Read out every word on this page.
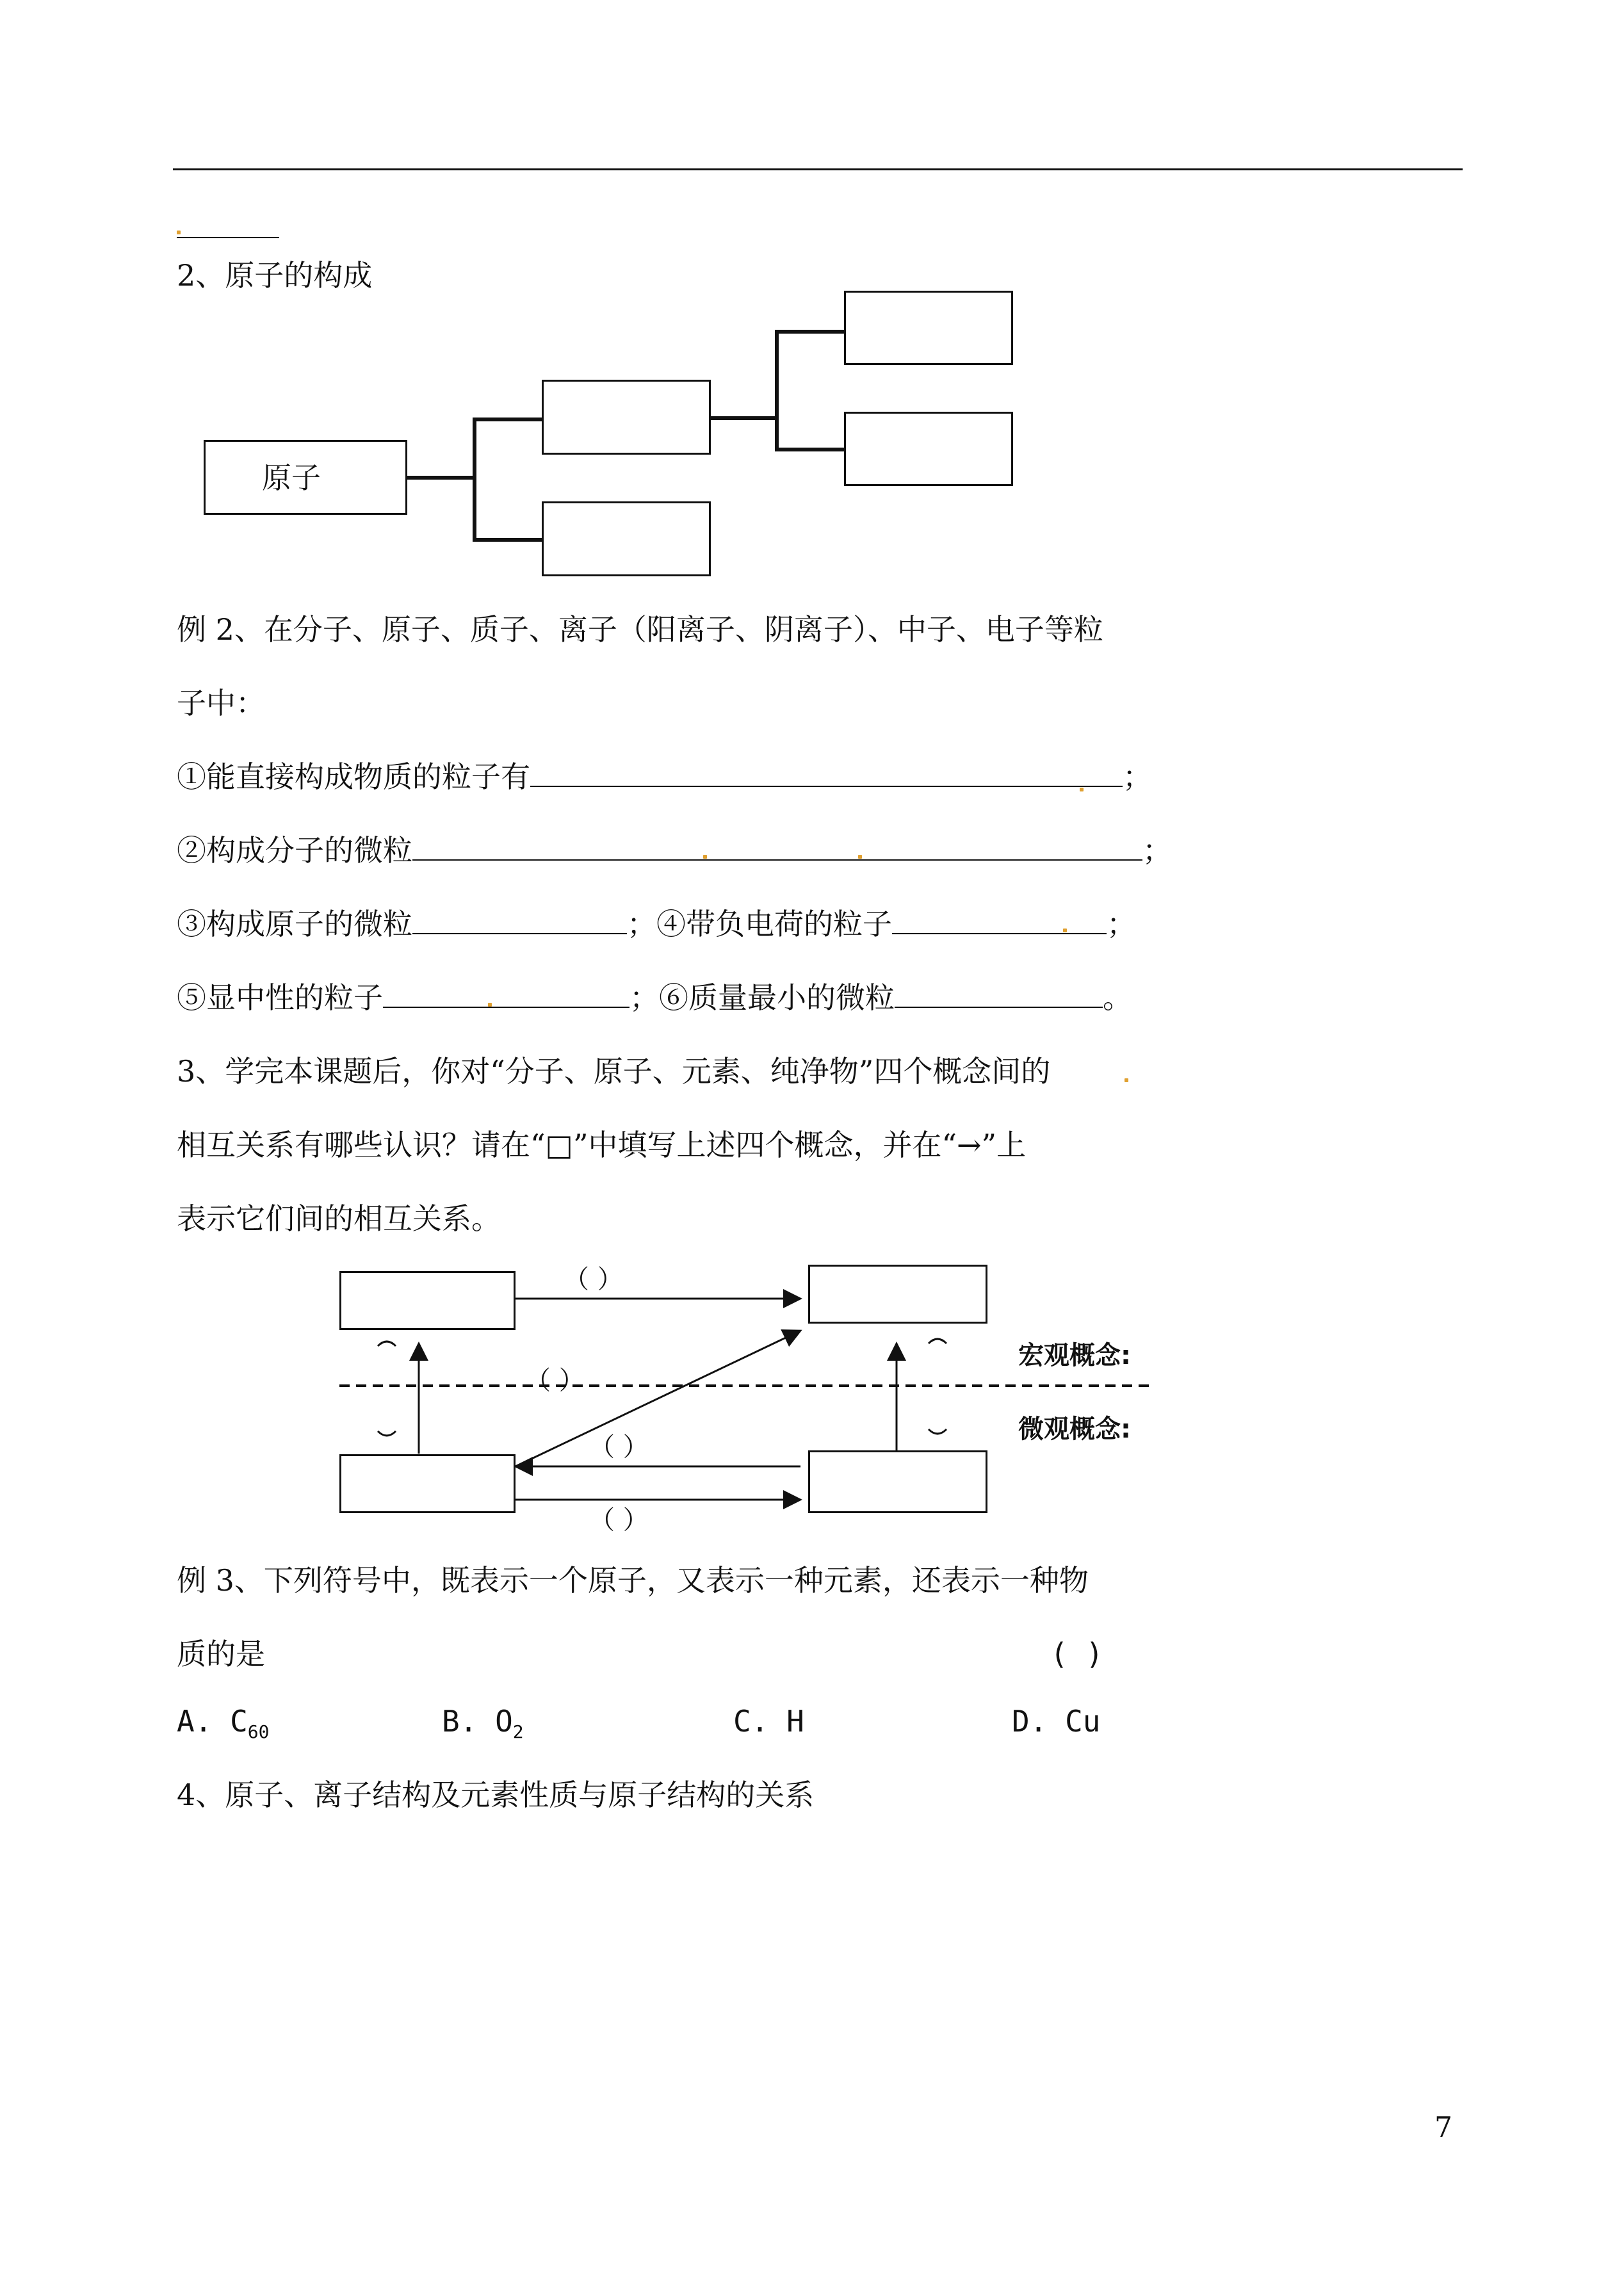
2、原子的构成
原子
例 2、在分子、原子、质子、离子（阳离子、阴离子）、中子、电子等粒
子中：
①能直接构成物质的粒子有	；
②构成分子的微粒	；
③构成原子的微粒	；④带负电荷的粒子	；
⑤显中性的粒子	；⑥质量最小的微粒	。
3、学完本课题后，你对“分子、原子、元素、纯净物”四个概念间的
相互关系有哪些认识？请在“□”中填写上述四个概念，并在“→”上
表示它们间的相互关系。
（ ）
（ ）
（ ）
（ ）
宏观概念:
微观概念:
例 3、下列符号中，既表示一个原子，又表示一种元素，还表示一种物
质的是	( )
A. $C_{60}$	B. $O_2$	C. H	D. Cu
4、原子、离子结构及元素性质与原子结构的关系
7
